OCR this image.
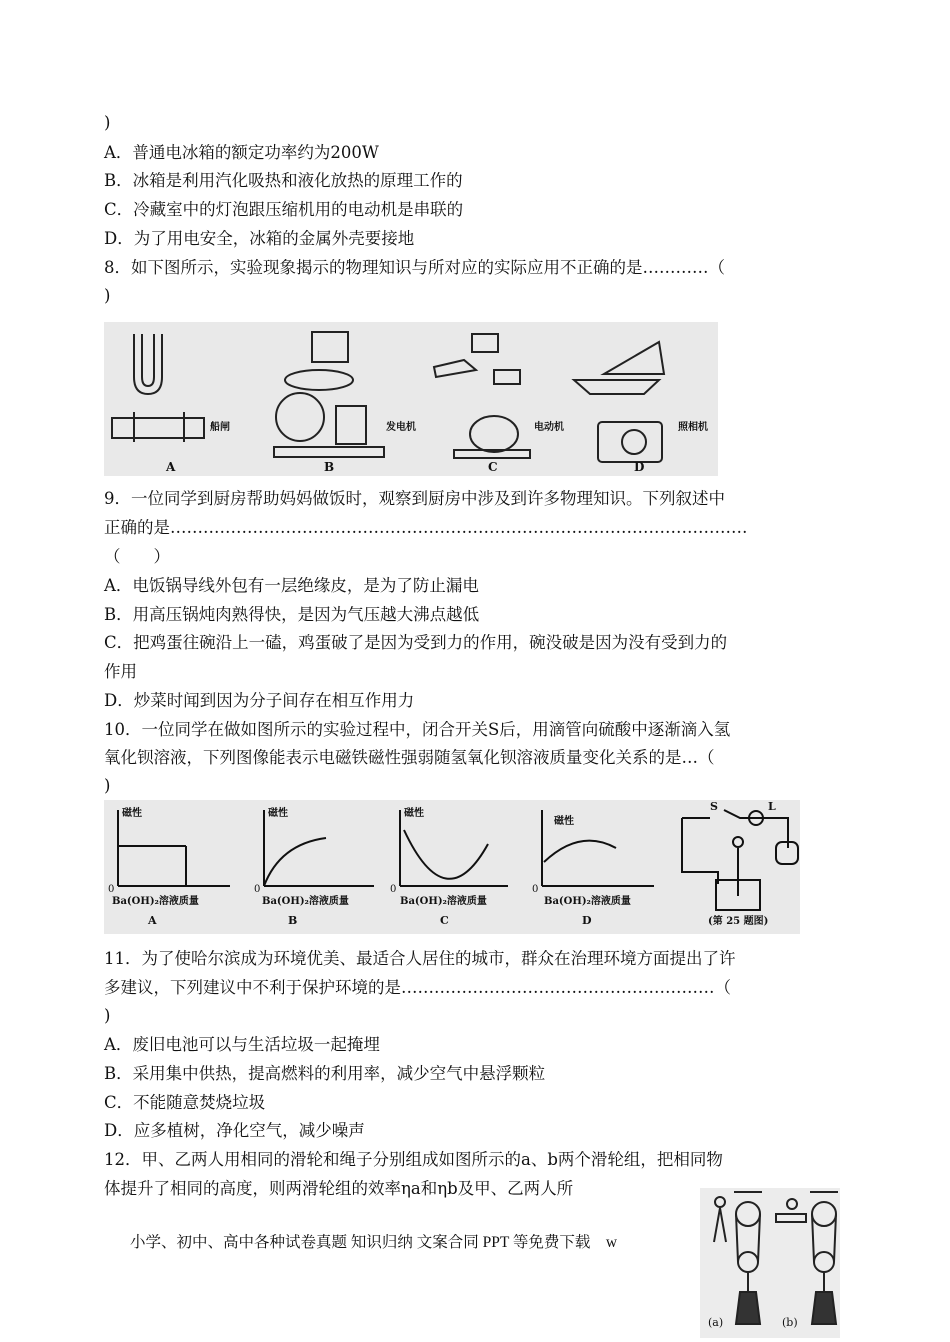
)
A．普通电冰箱的额定功率约为200W
B．冰箱是利用汽化吸热和液化放热的原理工作的
C．冷藏室中的灯泡跟压缩机用的电动机是串联的
D．为了用电安全，冰箱的金属外壳要接地
8．如下图所示，实验现象揭示的物理知识与所对应的实际应用不正确的是…………（
)
A	B	C	D
船闸	发电机	电动机	照相机
9．一位同学到厨房帮助妈妈做饭时，观察到厨房中涉及到许多物理知识。下列叙述中
正确的是……………………………………………………………………………………………
（　　）
A．电饭锅导线外包有一层绝缘皮，是为了防止漏电
B．用高压锅炖肉熟得快，是因为气压越大沸点越低
C．把鸡蛋往碗沿上一磕，鸡蛋破了是因为受到力的作用，碗没破是因为没有受到力的
作用
D．炒菜时闻到因为分子间存在相互作用力
10．一位同学在做如图所示的实验过程中，闭合开关S后，用滴管向硫酸中逐渐滴入氢
氧化钡溶液，下列图像能表示电磁铁磁性强弱随氢氧化钡溶液质量变化关系的是…（
)
磁性	磁性	磁性
磁性
0	0	0	0
Ba(OH)₂溶液质量	Ba(OH)₂溶液质量	Ba(OH)₂溶液质量	Ba(OH)₂溶液质量
A	B	C	D
S	L
(第 25 题图)
11．为了使哈尔滨成为环境优美、最适合人居住的城市，群众在治理环境方面提出了许
多建议，下列建议中不利于保护环境的是…………………………………………………（
)
A．废旧电池可以与生活垃圾一起掩埋
B．采用集中供热，提高燃料的利用率，减少空气中悬浮颗粒
C．不能随意焚烧垃圾
D．应多植树，净化空气，减少噪声
12．甲、乙两人用相同的滑轮和绳子分别组成如图所示的a、b两个滑轮组，把相同物
体提升了相同的高度，则两滑轮组的效率ηa和ηb及甲、乙两人所
(a)	(b)
小学、初中、高中各种试卷真题 知识归纳 文案合同 PPT 等免费下载　w
